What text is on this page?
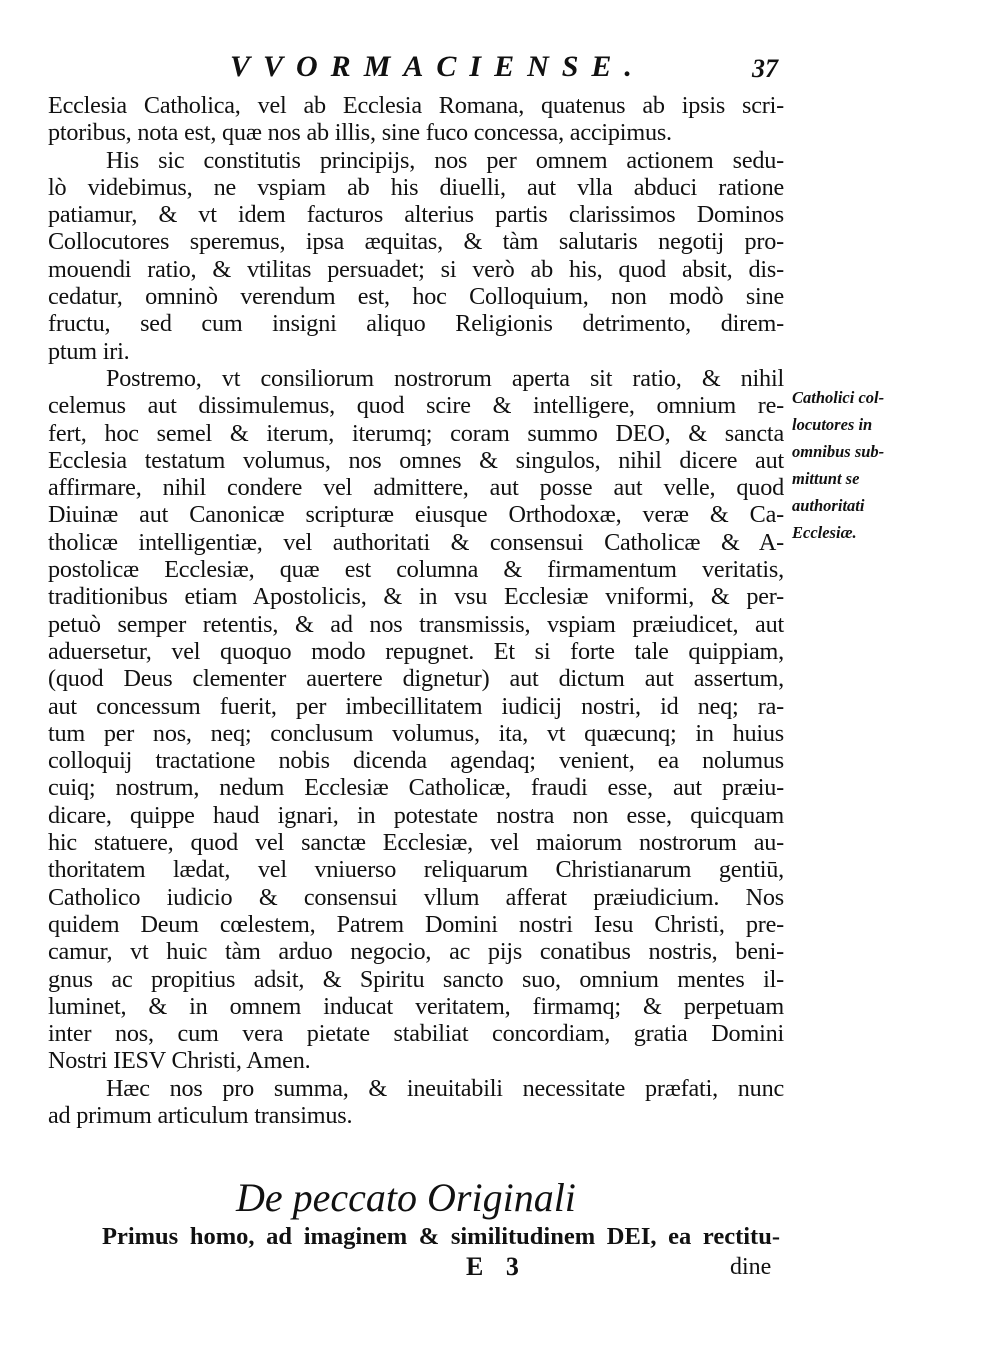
VVORMACIENSE.	37
Ecclesia Catholica, vel ab Ecclesia Romana, quatenus ab ipsis scri-
ptoribus, nota est, quæ nos ab illis, sine fuco concessa, accipimus.
His sic constitutis principijs, nos per omnem actionem sedu-
lò videbimus, ne vspiam ab his diuelli, aut vlla abduci ratione
patiamur, & vt idem facturos alterius partis clarissimos Dominos
Collocutores speremus, ipsa æquitas, & tàm salutaris negotij pro-
mouendi ratio, & vtilitas persuadet; si verò ab his, quod absit, dis-
cedatur, omninò verendum est, hoc Colloquium, non modò sine
fructu, sed cum insigni aliquo Religionis detrimento, direm-
ptum iri.
Postremo, vt consiliorum nostrorum aperta sit ratio, & nihil
celemus aut dissimulemus, quod scire & intelligere, omnium re-
fert, hoc semel & iterum, iterumq; coram summo DEO, & sancta
Ecclesia testatum volumus, nos omnes & singulos, nihil dicere aut
affirmare, nihil condere vel admittere, aut posse aut velle, quod
Diuinæ aut Canonicæ scripturæ eiusque Orthodoxæ, veræ & Ca-
tholicæ intelligentiæ, vel authoritati & consensui Catholicæ & A-
postolicæ Ecclesiæ, quæ est columna & firmamentum veritatis,
traditionibus etiam Apostolicis, & in vsu Ecclesiæ vniformi, & per-
petuò semper retentis, & ad nos transmissis, vspiam præiudicet, aut
aduersetur, vel quoquo modo repugnet. Et si forte tale quippiam,
(quod Deus clementer auertere dignetur) aut dictum aut assertum,
aut concessum fuerit, per imbecillitatem iudicij nostri, id neq; ra-
tum per nos, neq; conclusum volumus, ita, vt quæcunq; in huius
colloquij tractatione nobis dicenda agendaq; venient, ea nolumus
cuiq; nostrum, nedum Ecclesiæ Catholicæ, fraudi esse, aut præiu-
dicare, quippe haud ignari, in potestate nostra non esse, quicquam
hic statuere, quod vel sanctæ Ecclesiæ, vel maiorum nostrorum au-
thoritatem lædat, vel vniuerso reliquarum Christianarum gentiū,
Catholico iudicio & consensui vllum afferat præiudicium. Nos
quidem Deum cœlestem, Patrem Domini nostri Iesu Christi, pre-
camur, vt huic tàm arduo negocio, ac pijs conatibus nostris, beni-
gnus ac propitius adsit, & Spiritu sancto suo, omnium mentes il-
luminet, & in omnem inducat veritatem, firmamq; & perpetuam
inter nos, cum vera pietate stabiliat concordiam, gratia Domini
Nostri IESV Christi, Amen.
Hæc nos pro summa, & ineuitabili necessitate præfati, nunc
ad primum articulum transimus.
Catholici col-
locutores in
omnibus sub-
mittunt se
authoritati
Ecclesiæ.
De peccato Originali
Primus homo, ad imaginem & similitudinem DEI, ea rectitu-
E 3	dine
